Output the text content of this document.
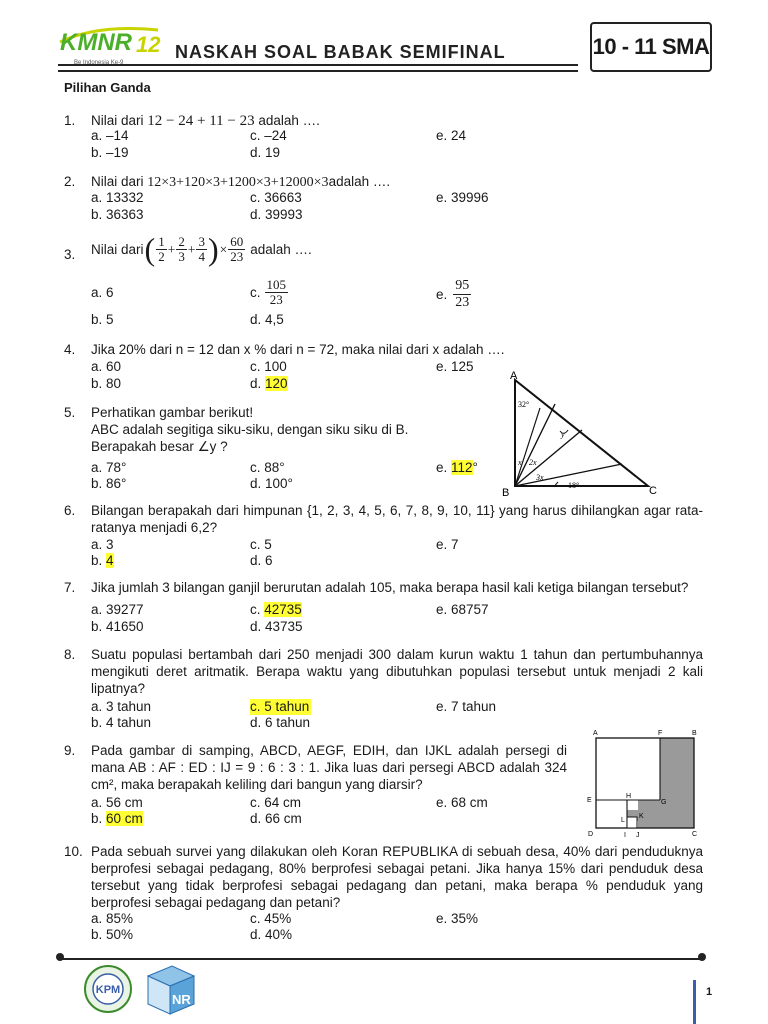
KMNR 12
Be Indonesia Ke-9
NASKAH SOAL BABAK SEMIFINAL	10 - 11 SMA
Pilihan Ganda
1. Nilai dari 12 − 24 + 11 − 23 adalah ….
a. –14
b. –19
c. –24
d. 19
e. 24
2. Nilai dari 12×3+120×3+1200×3+12000×3adalah ….
a. 13332
b. 36363
c. 36663
d. 39993
e. 39996
3. Nilai dari ( $\frac{1}{2} + \frac{2}{3} + \frac{3}{4}$ ) × $\frac{60}{23}$ adalah ….
a. 6
b. 5
c. $\frac{105}{23}$
d. 4,5
e. $\frac{95}{23}$
4. Jika 20% dari n = 12 dan x % dari n = 72, maka nilai dari x adalah ….
a. 60
b. 80
c. 100
d. 120
e. 125
5. Perhatikan gambar berikut!
ABC adalah segitiga siku-siku, dengan siku siku di B.
Berapakah besar ∠y ?
a. 78°
b. 86°
c. 88°
d. 100°
e. 112°
A
B	C
32°
y
x 2x
3x
18°
6. Bilangan berapakah dari himpunan {1, 2, 3, 4, 5, 6, 7, 8, 9, 10, 11} yang harus dihilangkan agar rata-ratanya menjadi 6,2?
a. 3
b. 4
c. 5
d. 6
e. 7
7. Jika jumlah 3 bilangan ganjil berurutan adalah 105, maka berapa hasil kali ketiga bilangan tersebut?
a. 39277
b. 41650
c. 42735
d. 43735
e. 68757
8. Suatu populasi bertambah dari 250 menjadi 300 dalam kurun waktu 1 tahun dan pertumbuhannya mengikuti deret aritmatik. Berapa waktu yang dibutuhkan populasi tersebut untuk menjadi 2 kali lipatnya?
a. 3 tahun
b. 4 tahun
c. 5 tahun
d. 6 tahun
e. 7 tahun
9. Pada gambar di samping, ABCD, AEGF, EDIH, dan IJKL adalah persegi di mana AB : AF : ED : IJ = 9 : 6 : 3 : 1. Jika luas dari persegi ABCD adalah 324 cm², maka berapakah keliling dari bangun yang diarsir?
a. 56 cm
b. 60 cm
c. 64 cm
d. 66 cm
e. 68 cm
A	F	B
E
H
G
L
K
D	I J	C
10. Pada sebuah survei yang dilakukan oleh Koran REPUBLIKA di sebuah desa, 40% dari penduduknya berprofesi sebagai pedagang, 80% berprofesi sebagai petani. Jika hanya 15% dari penduduk desa tersebut yang tidak berprofesi sebagai pedagang dan petani, maka berapa % penduduk yang berprofesi sebagai pedagang dan petani?
a. 85%
b. 50%
c. 45%
d. 40%
e. 35%
KPM
NR	1
